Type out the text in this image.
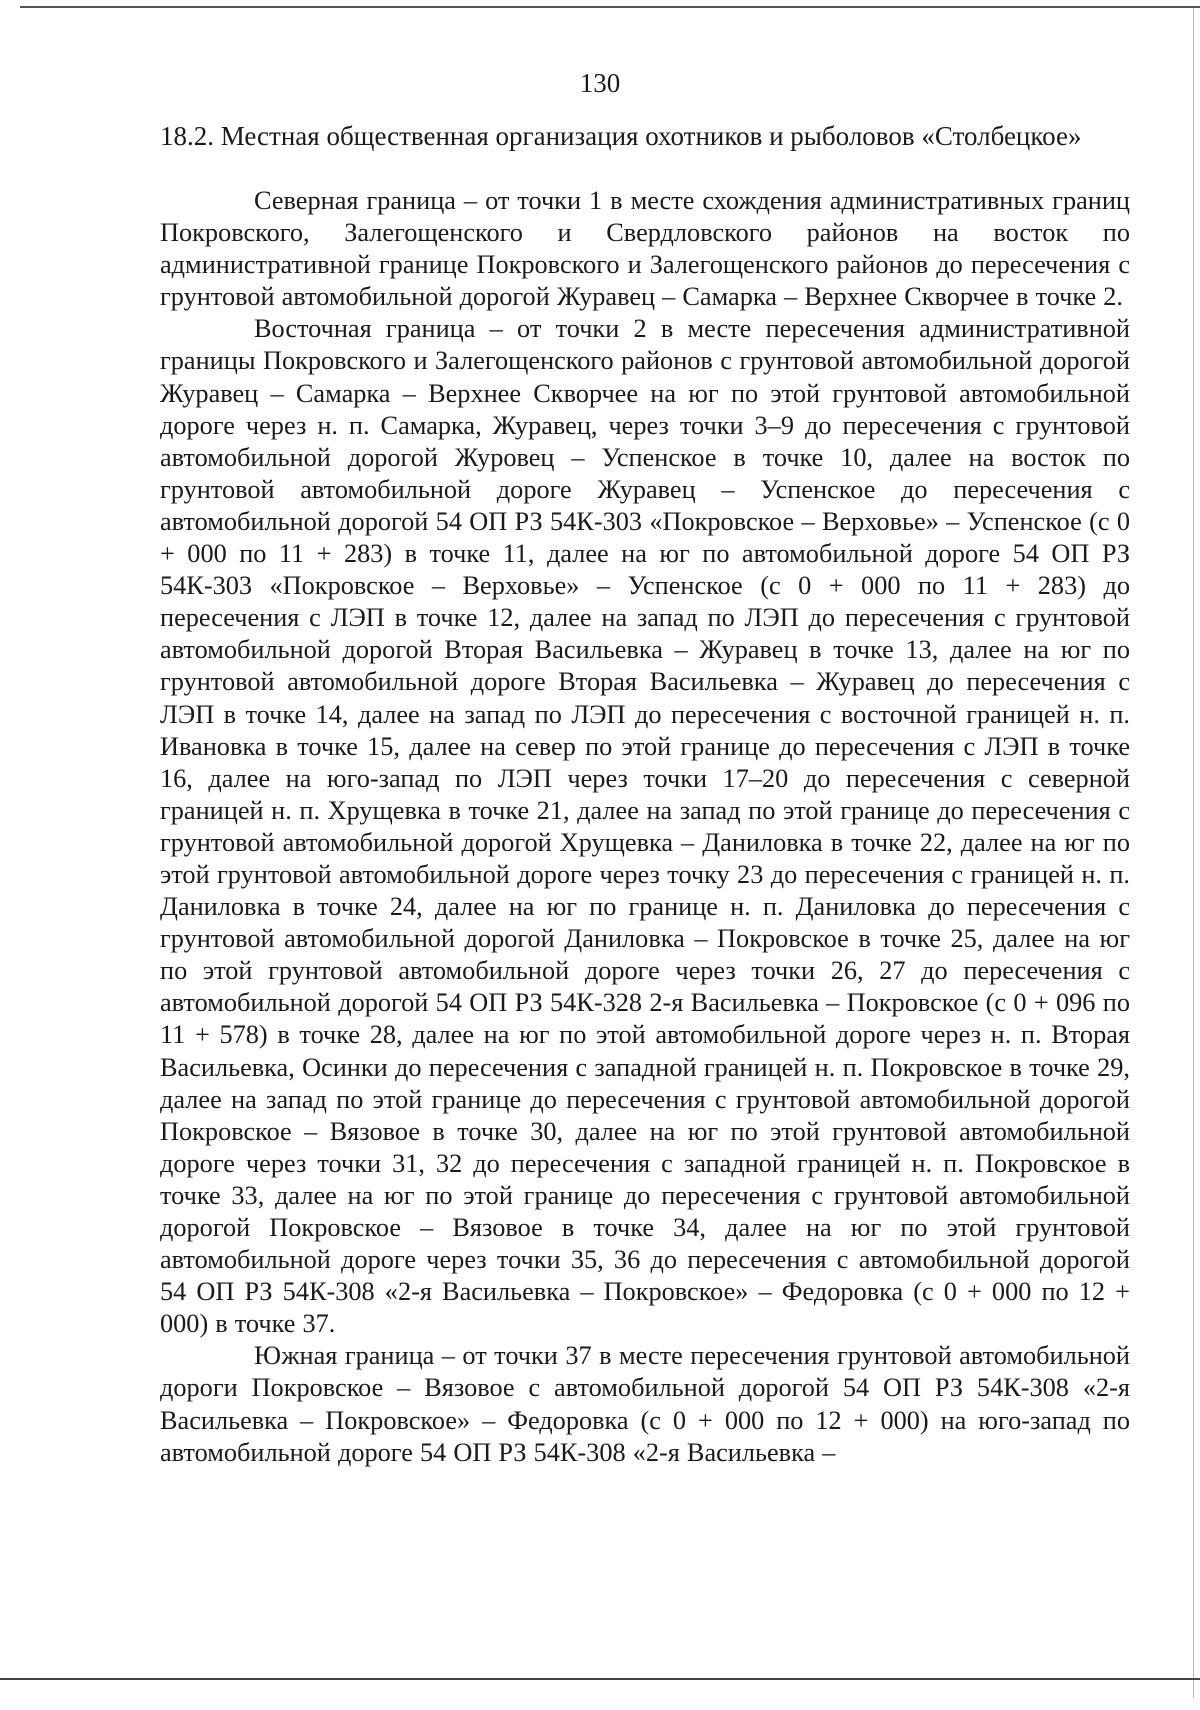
130
18.2. Местная общественная организация охотников и рыболовов «Столбецкое»

Северная граница – от точки 1 в месте схождения административных границ Покровского, Залегощенского и Свердловского районов на восток по административной границе Покровского и Залегощенского районов до пересечения с грунтовой автомобильной дорогой Журавец – Самарка – Верхнее Скворчее в точке 2.

Восточная граница – от точки 2 в месте пересечения административной границы Покровского и Залегощенского районов с грунтовой автомобильной дорогой Журавец – Самарка – Верхнее Скворчее на юг по этой грунтовой автомобильной дороге через н. п. Самарка, Журавец, через точки 3–9 до пересечения с грунтовой автомобильной дорогой Журовец – Успенское в точке 10, далее на восток по грунтовой автомобильной дороге Журавец – Успенское до пересечения с автомобильной дорогой 54 ОП РЗ 54К-303 «Покровское – Верховье» – Успенское (с 0 + 000 по 11 + 283) в точке 11, далее на юг по автомобильной дороге 54 ОП РЗ 54К-303 «Покровское – Верховье» – Успенское (с 0 + 000 по 11 + 283) до пересечения с ЛЭП в точке 12, далее на запад по ЛЭП до пересечения с грунтовой автомобильной дорогой Вторая Васильевка – Журавец в точке 13, далее на юг по грунтовой автомобильной дороге Вторая Васильевка – Журавец до пересечения с ЛЭП в точке 14, далее на запад по ЛЭП до пересечения с восточной границей н. п. Ивановка в точке 15, далее на север по этой границе до пересечения с ЛЭП в точке 16, далее на юго-запад по ЛЭП через точки 17–20 до пересечения с северной границей н. п. Хрущевка в точке 21, далее на запад по этой границе до пересечения с грунтовой автомобильной дорогой Хрущевка – Даниловка в точке 22, далее на юг по этой грунтовой автомобильной дороге через точку 23 до пересечения с границей н. п. Даниловка в точке 24, далее на юг по границе н. п. Даниловка до пересечения с грунтовой автомобильной дорогой Даниловка – Покровское в точке 25, далее на юг по этой грунтовой автомобильной дороге через точки 26, 27 до пересечения с автомобильной дорогой 54 ОП РЗ 54К-328 2-я Васильевка – Покровское (с 0 + 096 по 11 + 578) в точке 28, далее на юг по этой автомобильной дороге через н. п. Вторая Васильевка, Осинки до пересечения с западной границей н. п. Покровское в точке 29, далее на запад по этой границе до пересечения с грунтовой автомобильной дорогой Покровское – Вязовое в точке 30, далее на юг по этой грунтовой автомобильной дороге через точки 31, 32 до пересечения с западной границей н. п. Покровское в точке 33, далее на юг по этой границе до пересечения с грунтовой автомобильной дорогой Покровское – Вязовое в точке 34, далее на юг по этой грунтовой автомобильной дороге через точки 35, 36 до пересечения с автомобильной дорогой 54 ОП РЗ 54К-308 «2-я Васильевка – Покровское» – Федоровка (с 0 + 000 по 12 + 000) в точке 37.

Южная граница – от точки 37 в месте пересечения грунтовой автомобильной дороги Покровское – Вязовое с автомобильной дорогой 54 ОП РЗ 54К-308 «2-я Васильевка – Покровское» – Федоровка (с 0 + 000 по 12 + 000) на юго-запад по автомобильной дороге 54 ОП РЗ 54К-308 «2-я Васильевка –
